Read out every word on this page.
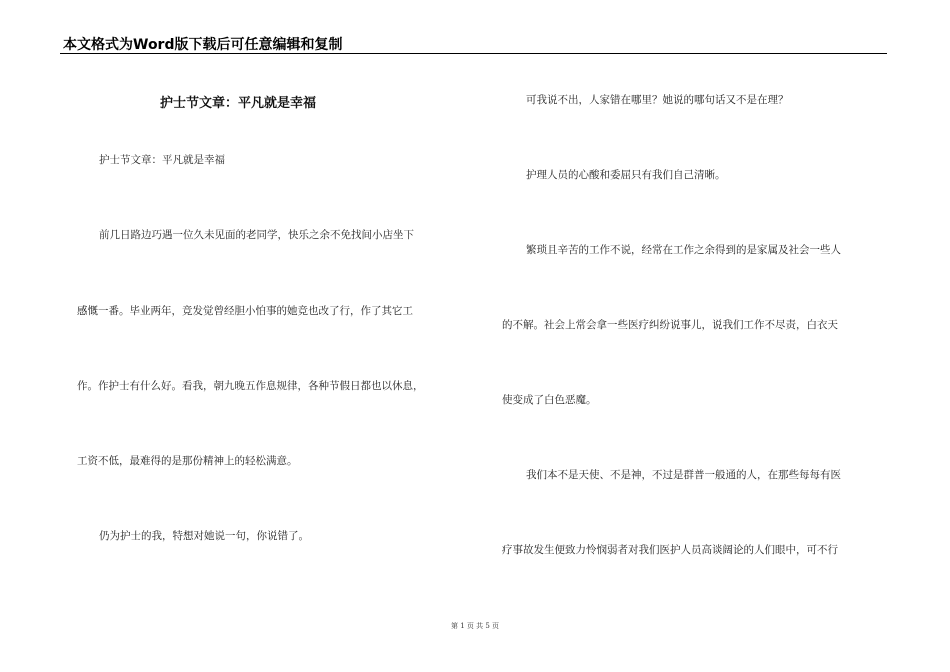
本文格式为Word版下载后可任意编辑和复制
护士节文章：平凡就是幸福
护士节文章：平凡就是幸福
前几日路边巧遇一位久未见面的老同学，快乐之余不免找间小店坐下
感慨一番。毕业两年，竞发觉曾经胆小怕事的她竞也改了行，作了其它工
作。作护士有什么好。看我，朝九晚五作息规律，各种节假日都也以休息，
工资不低，最难得的是那份精神上的轻松满意。
仍为护士的我，特想对她说一句，你说错了。
可我说不出，人家错在哪里？她说的哪句话又不是在理？
护理人员的心酸和委屈只有我们自己清晰。
繁琐且辛苦的工作不说，经常在工作之余得到的是家属及社会一些人
的不解。社会上常会拿一些医疗纠纷说事儿，说我们工作不尽责，白衣天
使变成了白色恶魔。
我们本不是天使、不是神，不过是群普一般通的人，在那些每每有医
疗事故发生便致力怜悯弱者对我们医护人员高谈阔论的人们眼中，可不行
第 1 页 共 5 页
